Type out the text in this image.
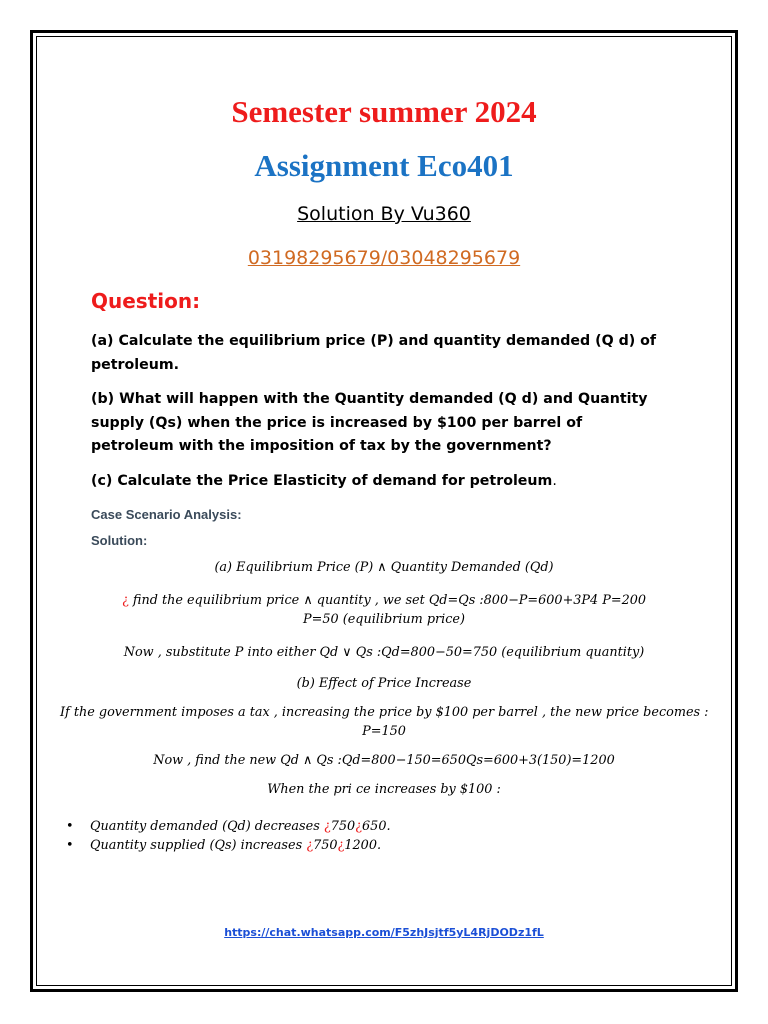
Semester summer 2024
Assignment Eco401

Solution By Vu360

03198295679/03048295679

Question:

(a) Calculate the equilibrium price (P) and quantity demanded (Q d) of petroleum.

(b) What will happen with the Quantity demanded (Q d) and Quantity supply (Qs) when the price is increased by $100 per barrel of petroleum with the imposition of tax by the government?

(c) Calculate the Price Elasticity of demand for petroleum.

Case Scenario Analysis:

Solution:

(a) Equilibrium Price (P) ∧ Quantity Demanded (Qd)

¿ find the equilibrium price ∧ quantity , we set Qd=Qs :800−P=600+3P4 P=200
P=50 (equilibrium price)

Now , substitute P into either Qd ∨ Qs :Qd=800−50=750 (equilibrium quantity)

(b) Effect of Price Increase

If the government imposes a tax , increasing the price by $100 per barrel , the new price becomes :
P=150

Now , find the new Qd ∧ Qs :Qd=800−150=650Qs=600+3(150)=1200

When the pri ce increases by $100 :

• Quantity demanded (Qd) decreases ¿750¿650.
• Quantity supplied (Qs) increases ¿750¿1200.
https://chat.whatsapp.com/F5zhJsjtf5yL4RjDODz1fL
